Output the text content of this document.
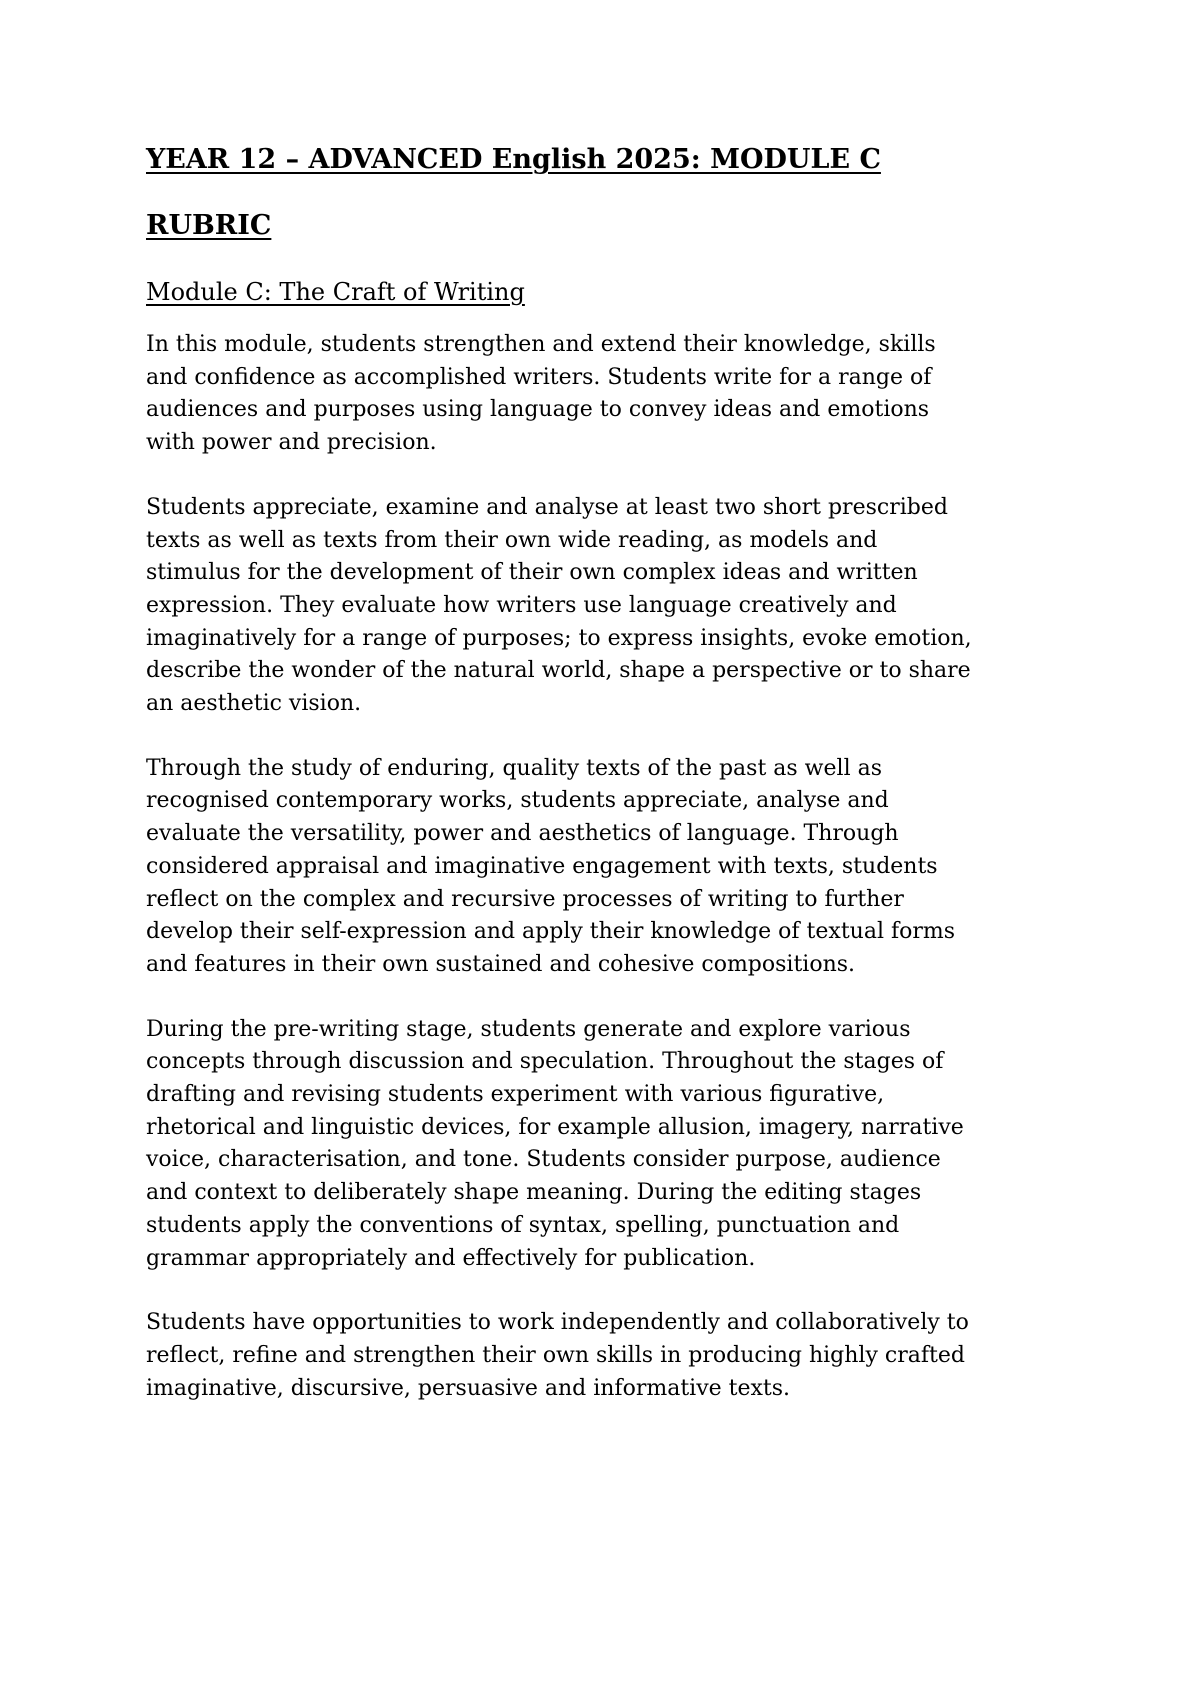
YEAR 12 – ADVANCED English 2025: MODULE C
RUBRIC
Module C: The Craft of Writing

In this module, students strengthen and extend their knowledge, skills
and confidence as accomplished writers. Students write for a range of
audiences and purposes using language to convey ideas and emotions
with power and precision.

Students appreciate, examine and analyse at least two short prescribed
texts as well as texts from their own wide reading, as models and
stimulus for the development of their own complex ideas and written
expression. They evaluate how writers use language creatively and
imaginatively for a range of purposes; to express insights, evoke emotion,
describe the wonder of the natural world, shape a perspective or to share
an aesthetic vision.

Through the study of enduring, quality texts of the past as well as
recognised contemporary works, students appreciate, analyse and
evaluate the versatility, power and aesthetics of language. Through
considered appraisal and imaginative engagement with texts, students
reflect on the complex and recursive processes of writing to further
develop their self-expression and apply their knowledge of textual forms
and features in their own sustained and cohesive compositions.

During the pre-writing stage, students generate and explore various
concepts through discussion and speculation. Throughout the stages of
drafting and revising students experiment with various figurative,
rhetorical and linguistic devices, for example allusion, imagery, narrative
voice, characterisation, and tone. Students consider purpose, audience
and context to deliberately shape meaning. During the editing stages
students apply the conventions of syntax, spelling, punctuation and
grammar appropriately and effectively for publication.

Students have opportunities to work independently and collaboratively to
reflect, refine and strengthen their own skills in producing highly crafted
imaginative, discursive, persuasive and informative texts.
